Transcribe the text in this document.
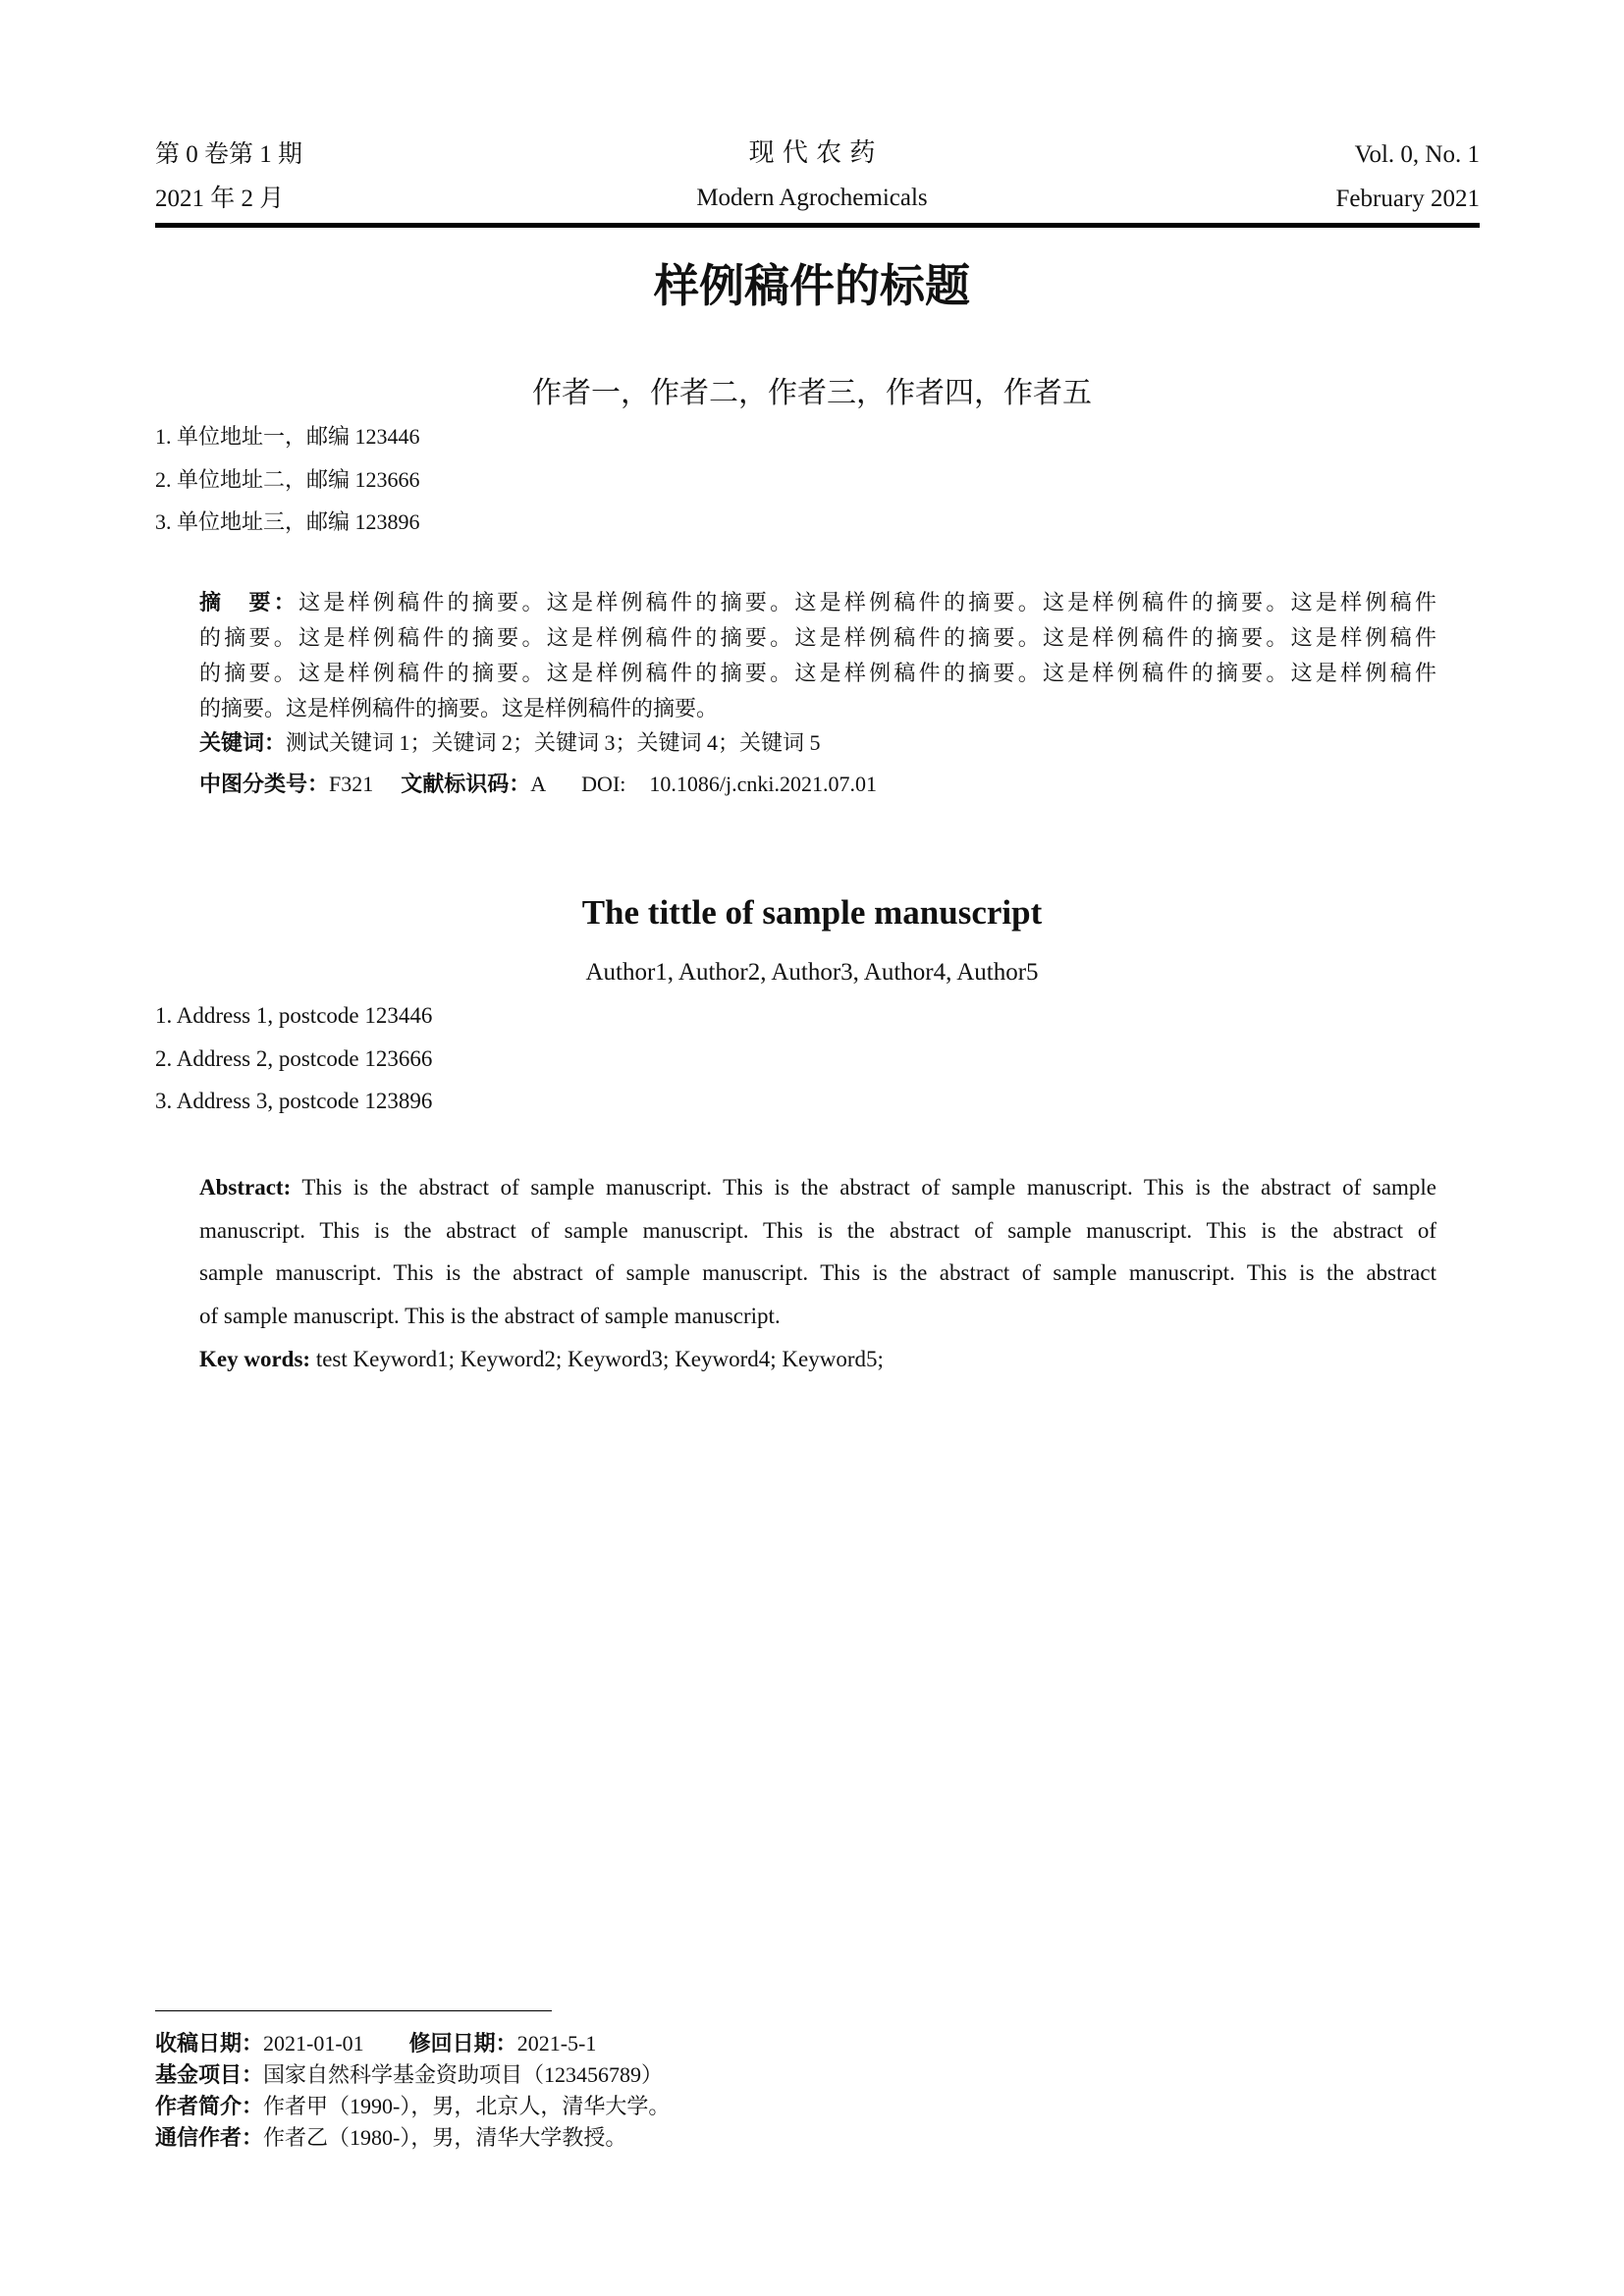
第 0 卷第 1 期
2021 年 2 月
现 代 农 药
Modern Agrochemicals
Vol. 0, No. 1
February 2021
样例稿件的标题
作者一，作者二，作者三，作者四，作者五
1. 单位地址一，邮编 123446
2. 单位地址二，邮编 123666
3. 单位地址三，邮编 123896
摘　要：这是样例稿件的摘要。这是样例稿件的摘要。这是样例稿件的摘要。这是样例稿件的摘要。这是样例稿件
的摘要。这是样例稿件的摘要。这是样例稿件的摘要。这是样例稿件的摘要。这是样例稿件的摘要。这是样例稿件
的摘要。这是样例稿件的摘要。这是样例稿件的摘要。这是样例稿件的摘要。这是样例稿件的摘要。这是样例稿件
的摘要。这是样例稿件的摘要。这是样例稿件的摘要。
关键词：测试关键词 1；关键词 2；关键词 3；关键词 4；关键词 5
中图分类号：F321 文献标识码：A DOI: 10.1086/j.cnki.2021.07.01
The tittle of sample manuscript
Author1, Author2, Author3, Author4, Author5
1. Address 1, postcode 123446
2. Address 2, postcode 123666
3. Address 3, postcode 123896
Abstract: This is the abstract of sample manuscript. This is the abstract of sample manuscript. This is the abstract of sample
manuscript. This is the abstract of sample manuscript. This is the abstract of sample manuscript. This is the abstract of
sample manuscript. This is the abstract of sample manuscript. This is the abstract of sample manuscript. This is the abstract
of sample manuscript. This is the abstract of sample manuscript.
Key words: test Keyword1; Keyword2; Keyword3; Keyword4; Keyword5;
收稿日期：2021-01-01 修回日期：2021-5-1
基金项目：国家自然科学基金资助项目（123456789）
作者简介：作者甲（1990-），男，北京人，清华大学。
通信作者：作者乙（1980-），男，清华大学教授。
